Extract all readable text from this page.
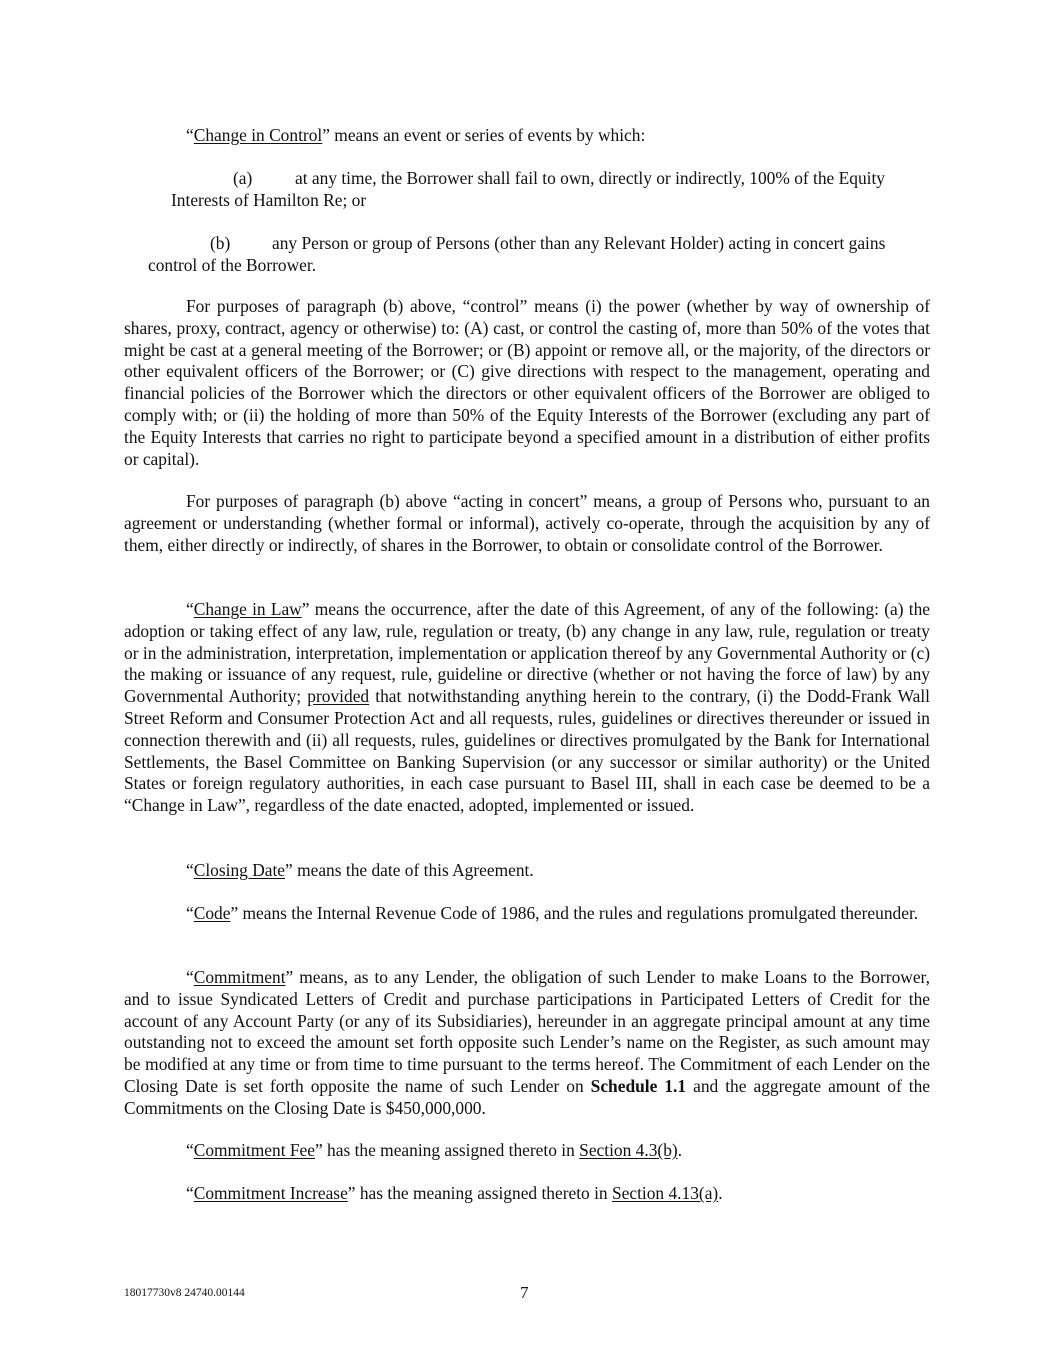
“Change in Control” means an event or series of events by which:

(a)	at any time, the Borrower shall fail to own, directly or indirectly, 100% of the Equity
Interests of Hamilton Re; or
(b)	any Person or group of Persons (other than any Relevant Holder) acting in concert gains
control of the Borrower.

For purposes of paragraph (b) above, “control” means (i) the power (whether by way of ownership of shares, proxy, contract, agency or otherwise) to: (A) cast, or control the casting of, more than 50% of the votes that might be cast at a general meeting of the Borrower; or (B) appoint or remove all, or the majority, of the directors or other equivalent officers of the Borrower; or (C) give directions with respect to the management, operating and financial policies of the Borrower which the directors or other equivalent officers of the Borrower are obliged to comply with; or (ii) the holding of more than 50% of the Equity Interests of the Borrower (excluding any part of the Equity Interests that carries no right to participate beyond a specified amount in a distribution of either profits or capital).

For purposes of paragraph (b) above “acting in concert” means, a group of Persons who, pursuant to an agreement or understanding (whether formal or informal), actively co-operate, through the acquisition by any of them, either directly or indirectly, of shares in the Borrower, to obtain or consolidate control of the Borrower.

“Change in Law” means the occurrence, after the date of this Agreement, of any of the following: (a) the adoption or taking effect of any law, rule, regulation or treaty, (b) any change in any law, rule, regulation or treaty or in the administration, interpretation, implementation or application thereof by any Governmental Authority or (c) the making or issuance of any request, rule, guideline or directive (whether or not having the force of law) by any Governmental Authority; provided that notwithstanding anything herein to the contrary, (i) the Dodd-Frank Wall Street Reform and Consumer Protection Act and all requests, rules, guidelines or directives thereunder or issued in connection therewith and (ii) all requests, rules, guidelines or directives promulgated by the Bank for International Settlements, the Basel Committee on Banking Supervision (or any successor or similar authority) or the United States or foreign regulatory authorities, in each case pursuant to Basel III, shall in each case be deemed to be a “Change in Law”, regardless of the date enacted, adopted, implemented or issued.

“Closing Date” means the date of this Agreement.

“Code” means the Internal Revenue Code of 1986, and the rules and regulations promulgated thereunder.

“Commitment” means, as to any Lender, the obligation of such Lender to make Loans to the Borrower, and to issue Syndicated Letters of Credit and purchase participations in Participated Letters of Credit for the account of any Account Party (or any of its Subsidiaries), hereunder in an aggregate principal amount at any time outstanding not to exceed the amount set forth opposite such Lender’s name on the Register, as such amount may be modified at any time or from time to time pursuant to the terms hereof. The Commitment of each Lender on the Closing Date is set forth opposite the name of such Lender on Schedule 1.1 and the aggregate amount of the Commitments on the Closing Date is $450,000,000.

“Commitment Fee” has the meaning assigned thereto in Section 4.3(b).

“Commitment Increase” has the meaning assigned thereto in Section 4.13(a).

18017730v8 24740.00144	7
